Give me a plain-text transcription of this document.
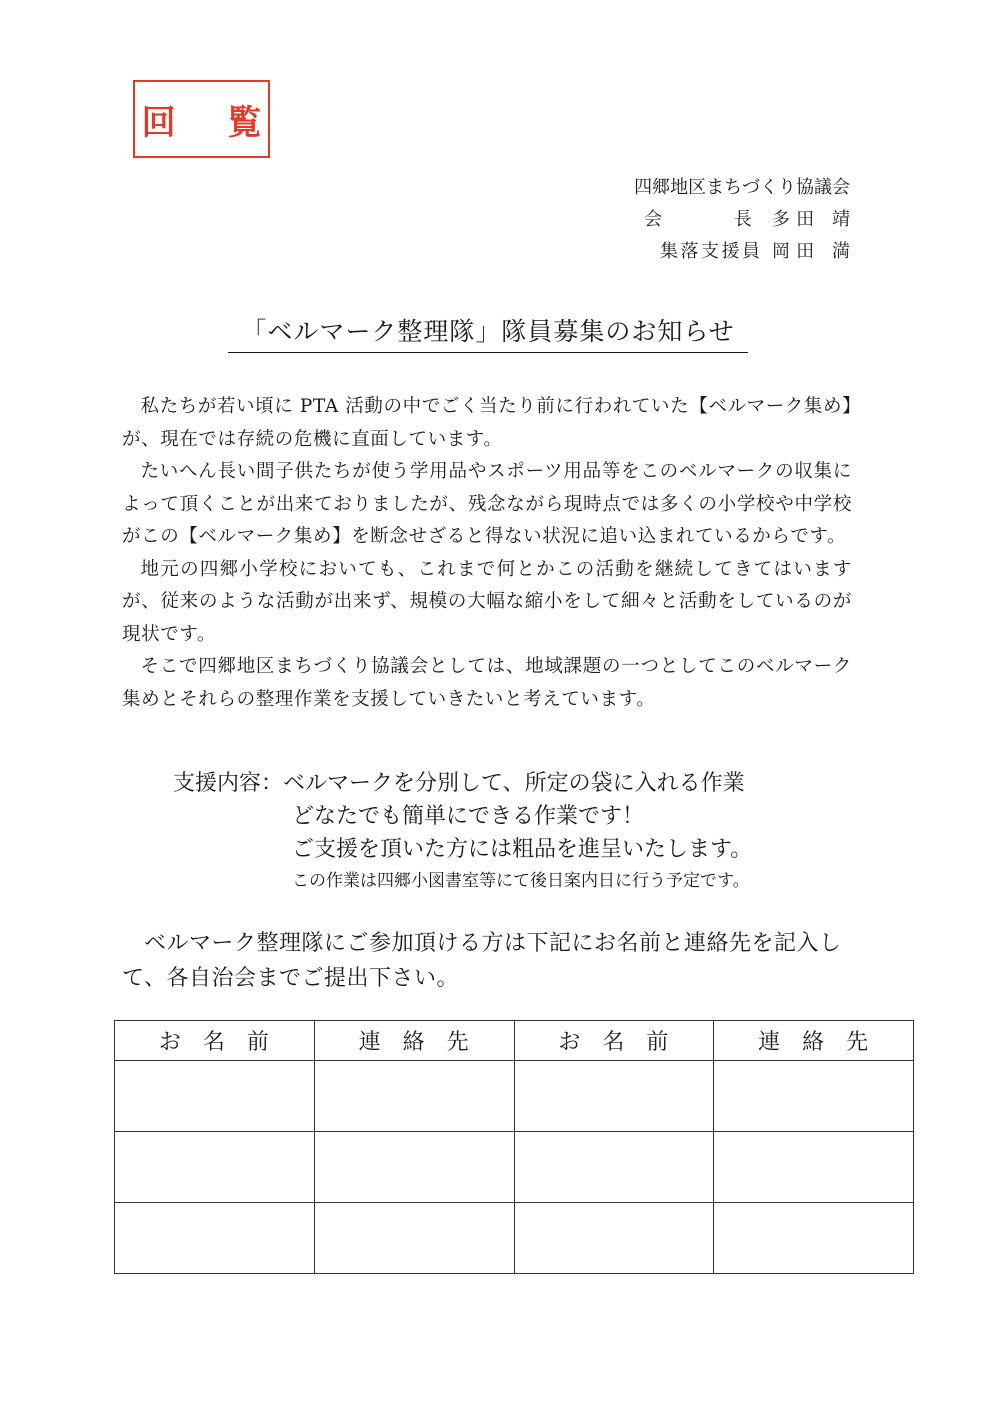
回 覧
四郷地区まちづくり協議会
会長 多田 靖
集落支援員 岡田 満
「ベルマーク整理隊」隊員募集のお知らせ

私たちが若い頃に PTA 活動の中でごく当たり前に行われていた【ベルマーク集め】が、現在では存続の危機に直面しています。

たいへん長い間子供たちが使う学用品やスポーツ用品等をこのベルマークの収集によって頂くことが出来ておりましたが、残念ながら現時点では多くの小学校や中学校がこの【ベルマーク集め】を断念せざると得ない状況に追い込まれているからです。

地元の四郷小学校においても、これまで何とかこの活動を継続してきてはいますが、従来のような活動が出来ず、規模の大幅な縮小をして細々と活動をしているのが現状です。

そこで四郷地区まちづくり協議会としては、地域課題の一つとしてこのベルマーク集めとそれらの整理作業を支援していきたいと考えています。

支援内容：ベルマークを分別して、所定の袋に入れる作業
どなたでも簡単にできる作業です！
ご支援を頂いた方には粗品を進呈いたします。
この作業は四郷小図書室等にて後日案内日に行う予定です。

ベルマーク整理隊にご参加頂ける方は下記にお名前と連絡先を記入して、各自治会までご提出下さい。

お名前	連絡先	お名前	連絡先
